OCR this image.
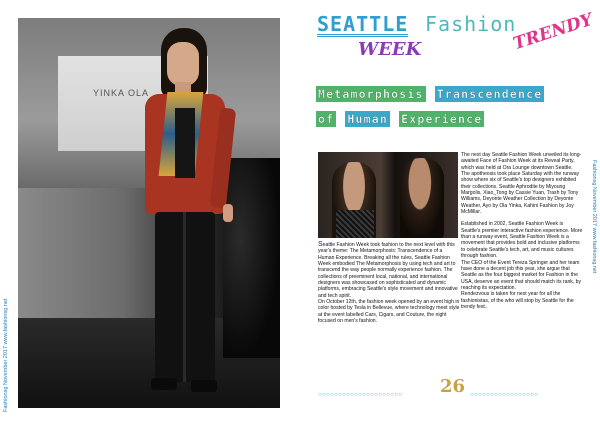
Fashionsg November 2017 www.fashionsg.net
YINKA OLA
SEATTLE Fashion
WEEK	TRENDY
Metamorphosis Transcendence
of Human Experience

Seattle Fashion Week took fashion to the next level with this year's theme: The Metamorphosis: Transcendence of a Human Experience. Breaking all the rules, Seattle Fashion Week embodied The Metamorphosis by using tech and art to transcend the way people normally experience fashion. The collections of preeminent local, national, and international designers was showcased on sophisticated and dynamic platforms, embracing Seattle's style movement and innovative and tech spirit.

On October 12th, the fashion week opened by an event high in color hosted by Tesla in Bellevue, where technology meet style at the event labelled Cars, Cigars, and Couture, the night focused on men's fashion.

The next day Seattle Fashion Week unveiled its long-awaited Face of Fashion Week at its Reveal Party, which was held at Ora Lounge downtown Seattle.

The apotheosis took place Saturday with the runway show where six of Seattle's top designers exhibited their collections. Seattle Aphrodite by Miyoung Margolis, Xiao_Tong by Cassie Yuan, Trash by Tony Williams, Deyonte Weather Collection by Deyonte Weather, Ayo by Ola Yinka, Kahini Fashion by Joy McMillar.

Established in 2002, Seattle Fashion Week is Seattle's premier interactive fashion experience. More than a runway event, Seattle Fashion Week is a movement that provides bold and inclusive platforms to celebrate Seattle's tech, art, and music cultures through fashion.

The CEO of the Event Tereza Springer and her team have done a decent job this year, she argue that Seattle as the four biggest market for Fashion in the USA, deserve an event that should match its rank, by reaching its expectation.

Rendezvous is taken for next year for all the fashionistas, of the who will stop by Seattle for the trendy fest..

○○○○○○○○○○○○○○○○○○○○○ 26 ○○○○○○○○○○○○○○○○○
Fashionsg November 2017 www.fashionsg.net
